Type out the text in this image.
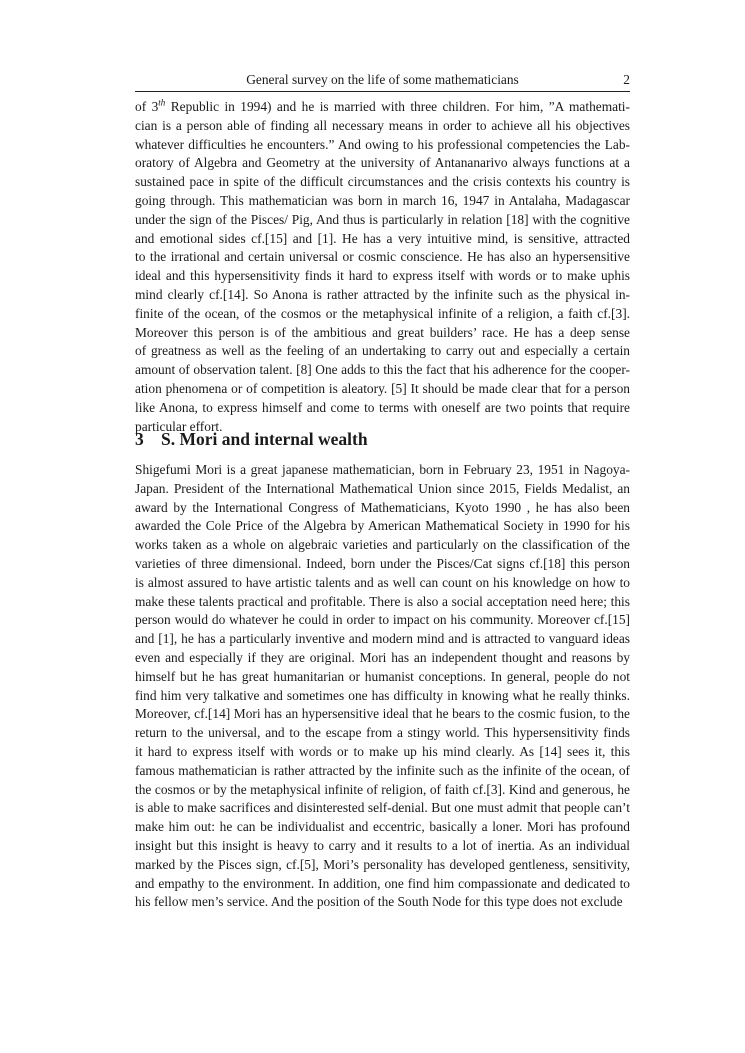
General survey on the life of some mathematicians	2
of 3th Republic in 1994) and he is married with three children. For him, ”A mathemati-
cian is a person able of finding all necessary means in order to achieve all his objectives
whatever difficulties he encounters.” And owing to his professional competencies the Lab-
oratory of Algebra and Geometry at the university of Antananarivo always functions at a
sustained pace in spite of the difficult circumstances and the crisis contexts his country is
going through. This mathematician was born in march 16, 1947 in Antalaha, Madagascar
under the sign of the Pisces/ Pig, And thus is particularly in relation [18] with the cognitive
and emotional sides cf.[15] and [1]. He has a very intuitive mind, is sensitive, attracted
to the irrational and certain universal or cosmic conscience. He has also an hypersensitive
ideal and this hypersensitivity finds it hard to express itself with words or to make uphis
mind clearly cf.[14]. So Anona is rather attracted by the infinite such as the physical in-
finite of the ocean, of the cosmos or the metaphysical infinite of a religion, a faith cf.[3].
Moreover this person is of the ambitious and great builders’ race. He has a deep sense
of greatness as well as the feeling of an undertaking to carry out and especially a certain
amount of observation talent. [8] One adds to this the fact that his adherence for the cooper-
ation phenomena or of competition is aleatory. [5] It should be made clear that for a person
like Anona, to express himself and come to terms with oneself are two points that require
particular effort.
3 S. Mori and internal wealth
Shigefumi Mori is a great japanese mathematician, born in February 23, 1951 in Nagoya-
Japan. President of the International Mathematical Union since 2015, Fields Medalist, an
award by the International Congress of Mathematicians, Kyoto 1990 , he has also been
awarded the Cole Price of the Algebra by American Mathematical Society in 1990 for his
works taken as a whole on algebraic varieties and particularly on the classification of the
varieties of three dimensional. Indeed, born under the Pisces/Cat signs cf.[18] this person
is almost assured to have artistic talents and as well can count on his knowledge on how to
make these talents practical and profitable. There is also a social acceptation need here; this
person would do whatever he could in order to impact on his community. Moreover cf.[15]
and [1], he has a particularly inventive and modern mind and is attracted to vanguard ideas
even and especially if they are original. Mori has an independent thought and reasons by
himself but he has great humanitarian or humanist conceptions. In general, people do not
find him very talkative and sometimes one has difficulty in knowing what he really thinks.
Moreover, cf.[14] Mori has an hypersensitive ideal that he bears to the cosmic fusion, to the
return to the universal, and to the escape from a stingy world. This hypersensitivity finds
it hard to express itself with words or to make up his mind clearly. As [14] sees it, this
famous mathematician is rather attracted by the infinite such as the infinite of the ocean, of
the cosmos or by the metaphysical infinite of religion, of faith cf.[3]. Kind and generous, he
is able to make sacrifices and disinterested self-denial. But one must admit that people can’t
make him out: he can be individualist and eccentric, basically a loner. Mori has profound
insight but this insight is heavy to carry and it results to a lot of inertia. As an individual
marked by the Pisces sign, cf.[5], Mori’s personality has developed gentleness, sensitivity,
and empathy to the environment. In addition, one find him compassionate and dedicated to
his fellow men’s service. And the position of the South Node for this type does not exclude
